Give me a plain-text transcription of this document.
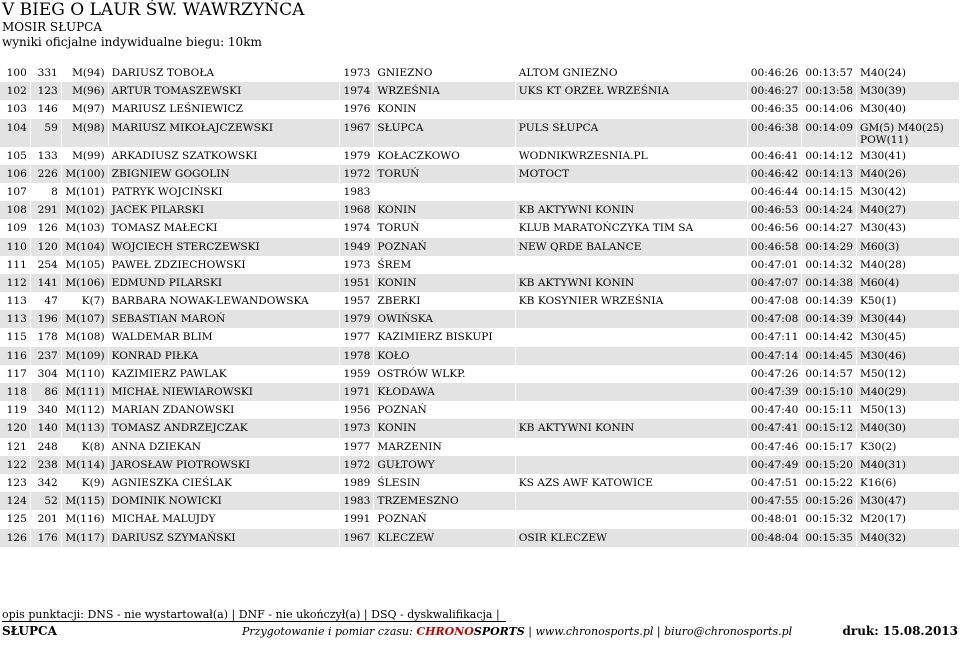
V BIEG O LAUR ŚW. WAWRZYŃCA
MOSIR SŁUPCA
wyniki oficjalne indywidualne biegu: 10km
100	331	M(94)	DARIUSZ TOBOŁA	1973	GNIEZNO	ALTOM GNIEZNO	00:46:26	00:13:57	M40(24)
102	123	M(96)	ARTUR TOMASZEWSKI	1974	WRZEŚNIA	UKS KT ORZEŁ WRZEŚNIA	00:46:27	00:13:58	M30(39)
103	146	M(97)	MARIUSZ LEŚNIEWICZ	1976	KONIN		00:46:35	00:14:06	M30(40)
104	59	M(98)	MARIUSZ MIKOŁAJCZEWSKI	1967	SŁUPCA	PULS SŁUPCA	00:46:38	00:14:09	GM(5) M40(25) POW(11)
105	133	M(99)	ARKADIUSZ SZATKOWSKI	1979	KOŁACZKOWO	WODNIKWRZESNIA.PL	00:46:41	00:14:12	M30(41)
106	226	M(100)	ZBIGNIEW GOGOLIN	1972	TORUŃ	MOTOCT	00:46:42	00:14:13	M40(26)
107	8	M(101)	PATRYK WOJCIŃSKI	1983			00:46:44	00:14:15	M30(42)
108	291	M(102)	JACEK PILARSKI	1968	KONIN	KB AKTYWNI KONIN	00:46:53	00:14:24	M40(27)
109	126	M(103)	TOMASZ MAŁECKI	1974	TORUŃ	KLUB MARATOŃCZYKA TIM SA	00:46:56	00:14:27	M30(43)
110	120	M(104)	WOJCIECH STERCZEWSKI	1949	POZNAŃ	NEW QRDE BALANCE	00:46:58	00:14:29	M60(3)
111	254	M(105)	PAWEŁ ZDZIECHOWSKI	1973	ŚREM		00:47:01	00:14:32	M40(28)
112	141	M(106)	EDMUND PILARSKI	1951	KONIN	KB AKTYWNI KONIN	00:47:07	00:14:38	M60(4)
113	47	K(7)	BARBARA NOWAK-LEWANDOWSKA	1957	ZBERKI	KB KOSYNIER WRZEŚNIA	00:47:08	00:14:39	K50(1)
113	196	M(107)	SEBASTIAN MAROŃ	1979	OWIŃSKA		00:47:08	00:14:39	M30(44)
115	178	M(108)	WALDEMAR BLIM	1977	KAZIMIERZ BISKUPI		00:47:11	00:14:42	M30(45)
116	237	M(109)	KONRAD PIŁKA	1978	KOŁO		00:47:14	00:14:45	M30(46)
117	304	M(110)	KAZIMIERZ PAWLAK	1959	OSTRÓW WLKP.		00:47:26	00:14:57	M50(12)
118	86	M(111)	MICHAŁ NIEWIAROWSKI	1971	KŁODAWA		00:47:39	00:15:10	M40(29)
119	340	M(112)	MARIAN ZDANOWSKI	1956	POZNAŃ		00:47:40	00:15:11	M50(13)
120	140	M(113)	TOMASZ ANDRZEJCZAK	1973	KONIN	KB AKTYWNI KONIN	00:47:41	00:15:12	M40(30)
121	248	K(8)	ANNA DZIEKAN	1977	MARZENIN		00:47:46	00:15:17	K30(2)
122	238	M(114)	JAROSŁAW PIOTROWSKI	1972	GUŁTOWY		00:47:49	00:15:20	M40(31)
123	342	K(9)	AGNIESZKA CIEŚLAK	1989	ŚLESIN	KS AZS AWF KATOWICE	00:47:51	00:15:22	K16(6)
124	52	M(115)	DOMINIK NOWICKI	1983	TRZEMESZNO		00:47:55	00:15:26	M30(47)
125	201	M(116)	MICHAŁ MALUJDY	1991	POZNAŃ		00:48:01	00:15:32	M20(17)
126	176	M(117)	DARIUSZ SZYMAŃSKI	1967	KLECZEW	OSIR KLECZEW	00:48:04	00:15:35	M40(32)
opis punktacji: DNS - nie wystartował(a) | DNF - nie ukończył(a) | DSQ - dyskwalifikacja |
SŁUPCA	Przygotowanie i pomiar czasu: CHRONOSPORTS | www.chronosports.pl | biuro@chronosports.pl	druk: 15.08.2013
